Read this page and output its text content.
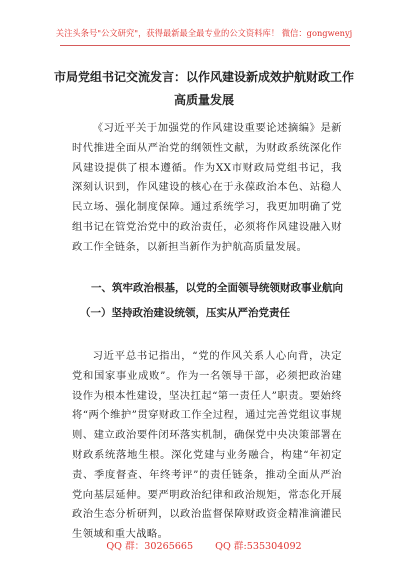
关注头条号"公文研究"，获得最新最全最专业的公文资料库！ 微信：gongwenyj
市局党组书记交流发言：以作风建设新成效护航财政工作
高质量发展
《习近平关于加强党的作风建设重要论述摘编》是新时代推进全面从严治党的纲领性文献，为财政系统深化作风建设提供了根本遵循。作为XX市财政局党组书记，我深刻认识到，作风建设的核心在于永葆政治本色、站稳人民立场、强化制度保障。通过系统学习，我更加明确了党组书记在管党治党中的政治责任，必须将作风建设融入财政工作全链条，以新担当新作为护航高质量发展。
一、筑牢政治根基，以党的全面领导统领财政事业航向
（一）坚持政治建设统领，压实从严治党责任
习近平总书记指出，“党的作风关系人心向背，决定党和国家事业成败”。作为一名领导干部，必须把政治建设作为根本性建设，坚决扛起“第一责任人”职责。要始终将“两个维护”贯穿财政工作全过程，通过完善党组议事规则、建立政治要件闭环落实机制，确保党中央决策部署在财政系统落地生根。深化党建与业务融合，构建“年初定责、季度督查、年终考评”的责任链条，推动全面从严治党向基层延伸。要严明政治纪律和政治规矩，常态化开展政治生态分析研判，以政治监督保障财政资金精准滴灌民生领域和重大战略。
QQ 群：30265665 QQ 群:535304092
